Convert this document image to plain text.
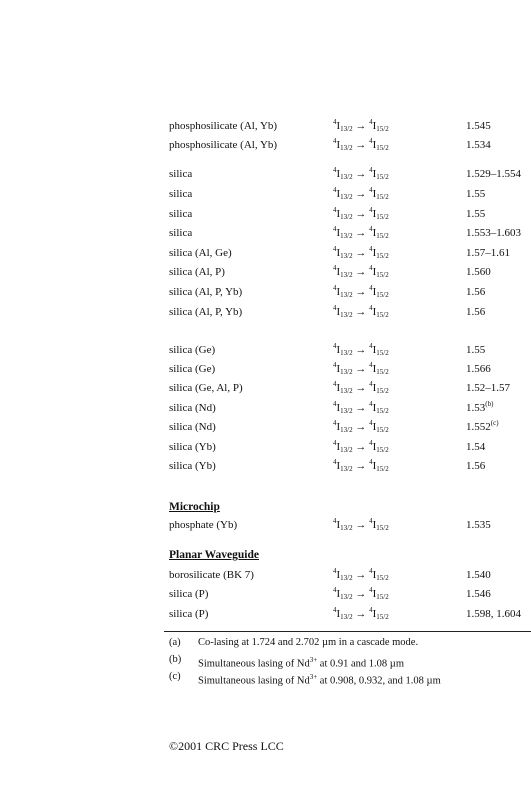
phosphosilicate (Al, Yb)	$^4I_{13/2} \to ^4I_{15/2}$	1.545
phosphosilicate (Al, Yb)	$^4I_{13/2} \to ^4I_{15/2}$	1.534
silica	$^4I_{13/2} \to ^4I_{15/2}$	1.529–1.554
silica	$^4I_{13/2} \to ^4I_{15/2}$	1.55
silica	$^4I_{13/2} \to ^4I_{15/2}$	1.55
silica	$^4I_{13/2} \to ^4I_{15/2}$	1.553–1.603
silica (Al, Ge)	$^4I_{13/2} \to ^4I_{15/2}$	1.57–1.61
silica (Al, P)	$^4I_{13/2} \to ^4I_{15/2}$	1.560
silica (Al, P, Yb)	$^4I_{13/2} \to ^4I_{15/2}$	1.56
silica (Al, P, Yb)	$^4I_{13/2} \to ^4I_{15/2}$	1.56
silica (Ge)	$^4I_{13/2} \to ^4I_{15/2}$	1.55
silica (Ge)	$^4I_{13/2} \to ^4I_{15/2}$	1.566
silica (Ge, Al, P)	$^4I_{13/2} \to ^4I_{15/2}$	1.52–1.57
silica (Nd)	$^4I_{13/2} \to ^4I_{15/2}$	1.53$^{(b)}$
silica (Nd)	$^4I_{13/2} \to ^4I_{15/2}$	1.552$^{(c)}$
silica (Yb)	$^4I_{13/2} \to ^4I_{15/2}$	1.54
silica (Yb)	$^4I_{13/2} \to ^4I_{15/2}$	1.56
Microchip
phosphate (Yb)	$^4I_{13/2} \to ^4I_{15/2}$	1.535
Planar Waveguide
borosilicate (BK 7)	$^4I_{13/2} \to ^4I_{15/2}$	1.540
silica (P)	$^4I_{13/2} \to ^4I_{15/2}$	1.546
silica (P)	$^4I_{13/2} \to ^4I_{15/2}$	1.598, 1.604
(a) Co-lasing at 1.724 and 2.702 µm in a cascade mode.
(b) Simultaneous lasing of $Nd^{3+}$ at 0.91 and 1.08 µm
(c) Simultaneous lasing of $Nd^{3+}$ at 0.908, 0.932, and 1.08 µm
©2001 CRC Press LCC
